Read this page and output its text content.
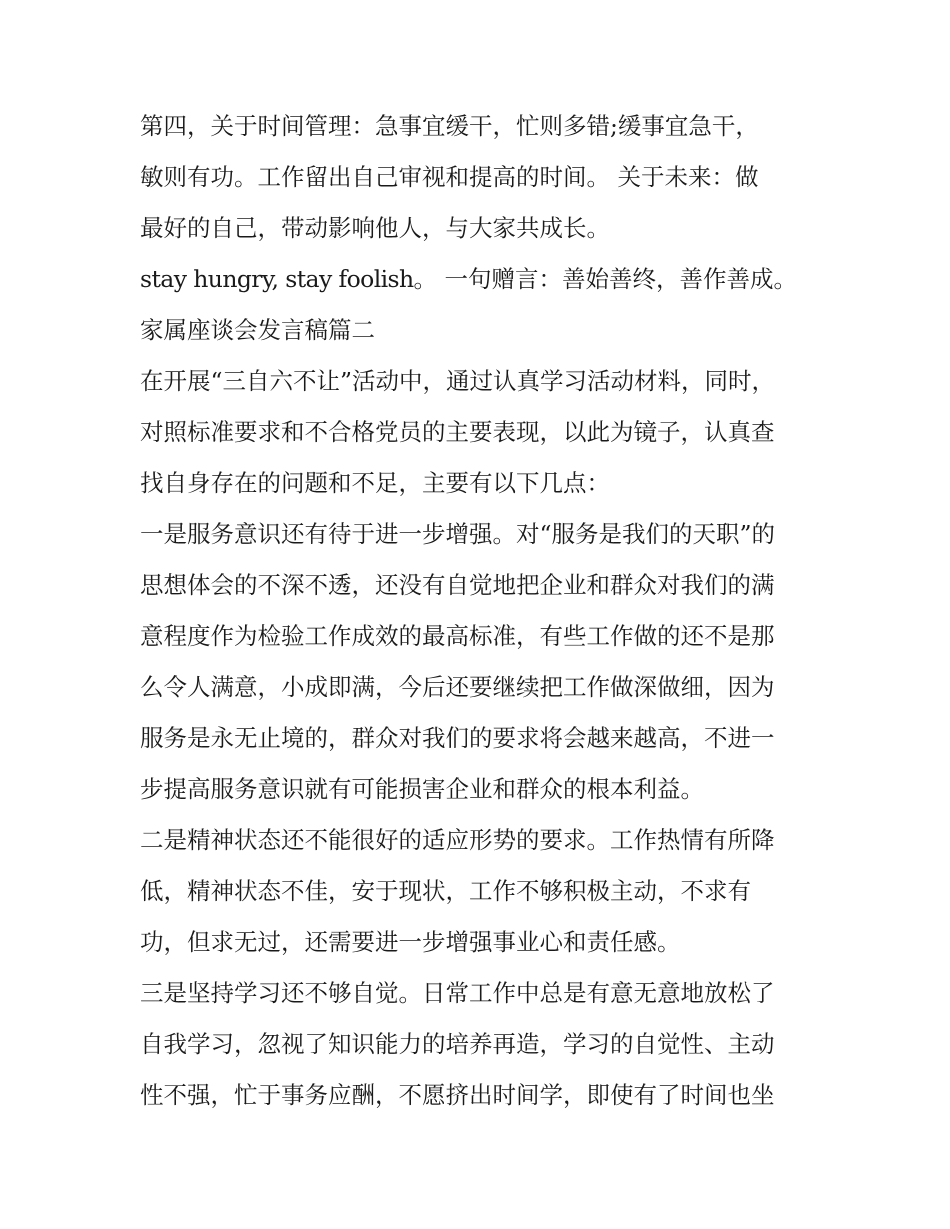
第四，关于时间管理：急事宜缓干，忙则多错;缓事宜急干，
敏则有功。工作留出自己审视和提高的时间。 关于未来：做
最好的自己，带动影响他人，与大家共成长。
stay hungry, stay foolish。 一句赠言：善始善终，善作善成。
家属座谈会发言稿篇二
在开展“三自六不让”活动中，通过认真学习活动材料，同时，
对照标准要求和不合格党员的主要表现，以此为镜子，认真查
找自身存在的问题和不足，主要有以下几点：
一是服务意识还有待于进一步增强。对“服务是我们的天职”的
思想体会的不深不透，还没有自觉地把企业和群众对我们的满
意程度作为检验工作成效的最高标准，有些工作做的还不是那
么令人满意，小成即满，今后还要继续把工作做深做细，因为
服务是永无止境的，群众对我们的要求将会越来越高，不进一
步提高服务意识就有可能损害企业和群众的根本利益。
二是精神状态还不能很好的适应形势的要求。工作热情有所降
低，精神状态不佳，安于现状，工作不够积极主动，不求有
功，但求无过，还需要进一步增强事业心和责任感。
三是坚持学习还不够自觉。日常工作中总是有意无意地放松了
自我学习，忽视了知识能力的培养再造，学习的自觉性、主动
性不强，忙于事务应酬，不愿挤出时间学，即使有了时间也坐
